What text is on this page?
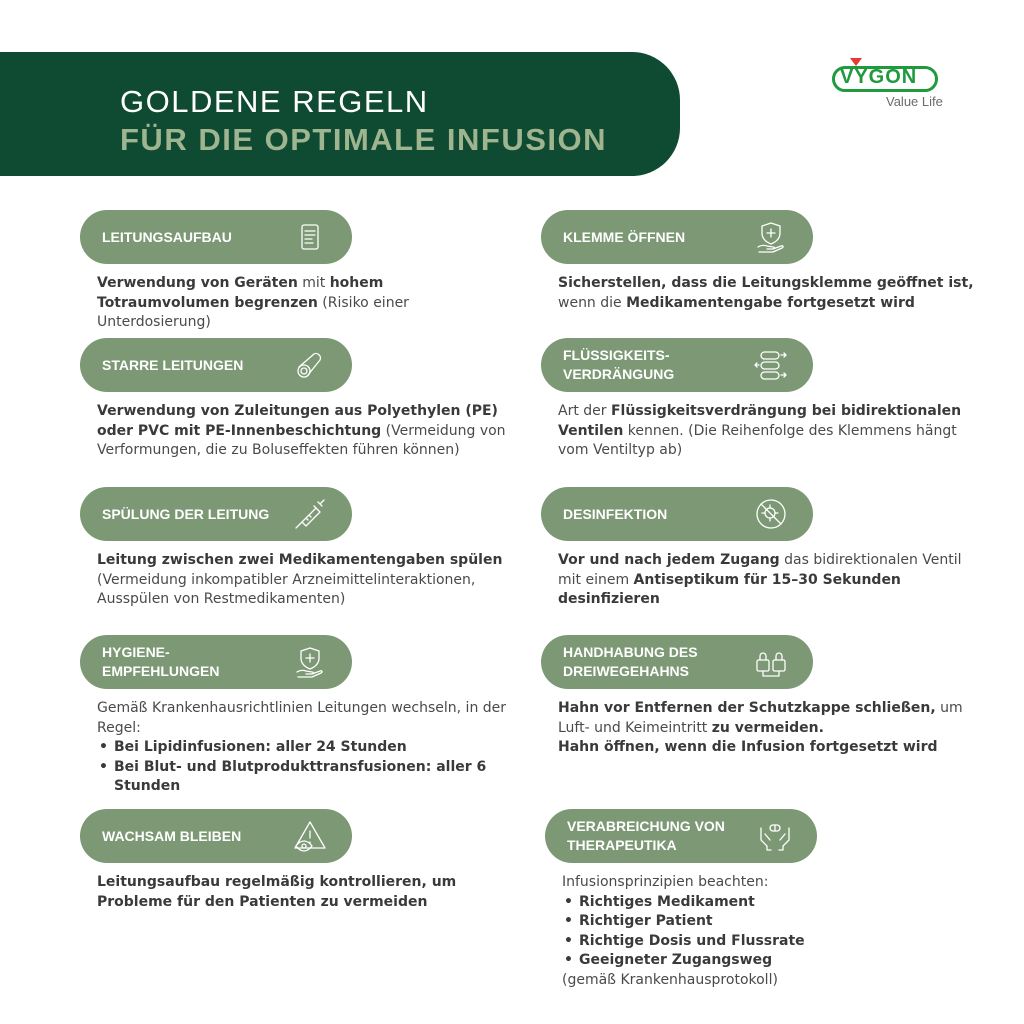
GOLDENE REGELN
FÜR DIE OPTIMALE INFUSION
VYGON
Value Life
LEITUNGSAUFBAU
Verwendung von Geräten mit hohem Totraumvolumen begrenzen (Risiko einer Unterdosierung)
KLEMME ÖFFNEN
Sicherstellen, dass die Leitungsklemme geöffnet ist, wenn die Medikamentengabe fortgesetzt wird
STARRE LEITUNGEN
Verwendung von Zuleitungen aus Polyethylen (PE) oder PVC mit PE-Innenbeschichtung (Vermeidung von Verformungen, die zu Boluseffekten führen können)
FLÜSSIGKEITS-
VERDRÄNGUNG
Art der Flüssigkeitsverdrängung bei bidirektionalen Ventilen kennen. (Die Reihenfolge des Klemmens hängt vom Ventiltyp ab)
SPÜLUNG DER LEITUNG
Leitung zwischen zwei Medikamentengaben spülen (Vermeidung inkompatibler Arzneimittelinteraktionen, Ausspülen von Restmedikamenten)
DESINFEKTION
Vor und nach jedem Zugang das bidirektionalen Ventil mit einem Antiseptikum für 15–30 Sekunden desinfizieren
HYGIENE-
EMPFEHLUNGEN
Gemäß Krankenhausrichtlinien Leitungen wechseln, in der Regel:
• Bei Lipidinfusionen: aller 24 Stunden
• Bei Blut- und Blutprodukttransfusionen: aller 6 Stunden
HANDHABUNG DES
DREIWEGEHAHNS
Hahn vor Entfernen der Schutzkappe schließen, um Luft- und Keimeintritt zu vermeiden.
Hahn öffnen, wenn die Infusion fortgesetzt wird
WACHSAM BLEIBEN
Leitungsaufbau regelmäßig kontrollieren, um Probleme für den Patienten zu vermeiden
VERABREICHUNG VON
THERAPEUTIKA
Infusionsprinzipien beachten:
• Richtiges Medikament
• Richtiger Patient
• Richtige Dosis und Flussrate
• Geeigneter Zugangsweg
(gemäß Krankenhausprotokoll)
